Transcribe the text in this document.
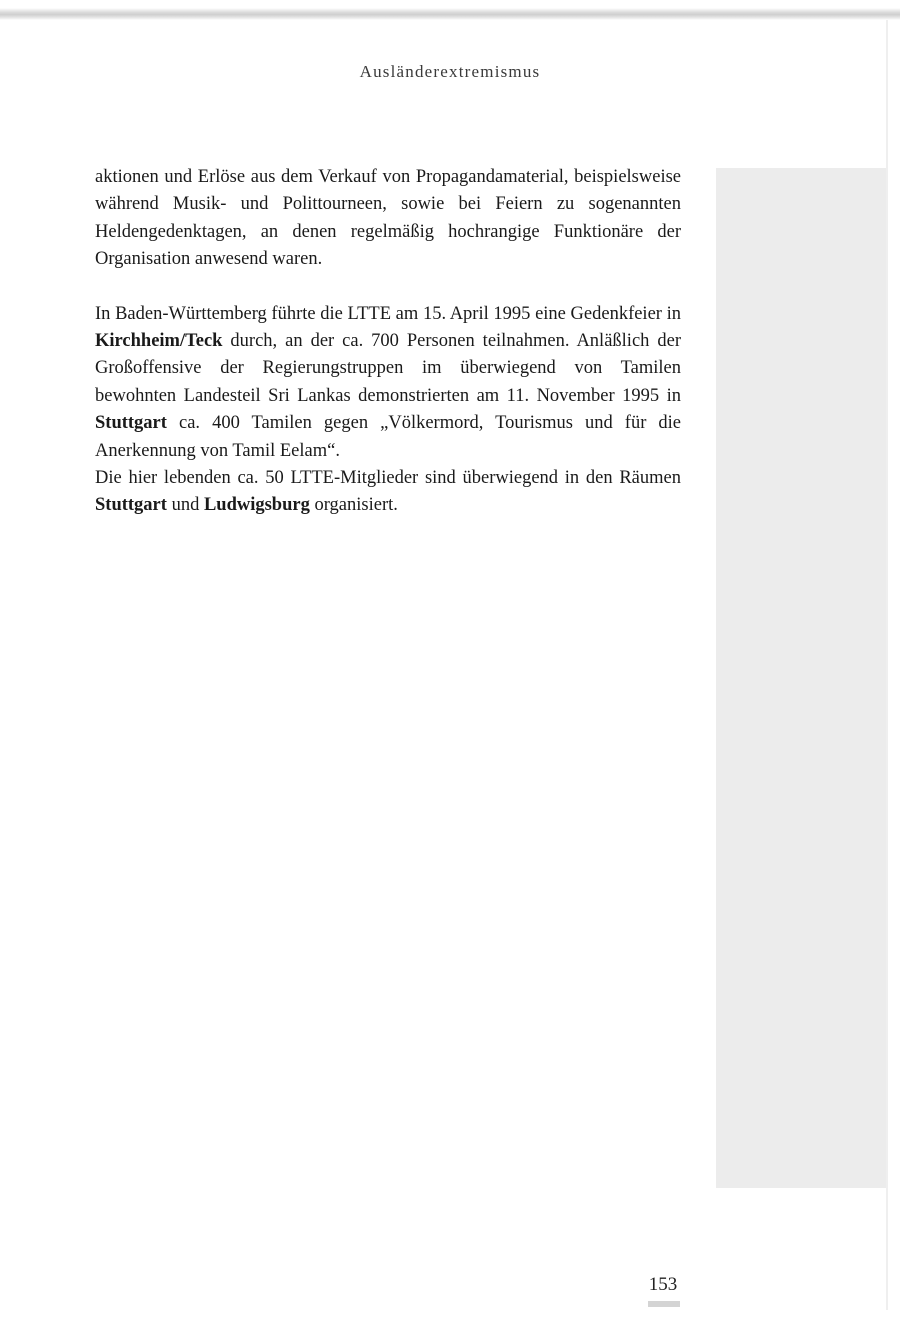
Ausländerextremismus

aktionen und Erlöse aus dem Verkauf von Propagandamaterial, beispielsweise während Musik- und Polittourneen, sowie bei Feiern zu sogenannten Heldengedenktagen, an denen regelmäßig hochrangige Funktionäre der Organisation anwesend waren.

In Baden-Württemberg führte die LTTE am 15. April 1995 eine Gedenkfeier in Kirchheim/Teck durch, an der ca. 700 Personen teilnahmen. Anläßlich der Großoffensive der Regierungstruppen im überwiegend von Tamilen bewohnten Landesteil Sri Lankas demonstrierten am 11. November 1995 in Stuttgart ca. 400 Tamilen gegen „Völkermord, Tourismus und für die Anerkennung von Tamil Eelam“.

Die hier lebenden ca. 50 LTTE-Mitglieder sind überwiegend in den Räumen Stuttgart und Ludwigsburg organisiert.

153
